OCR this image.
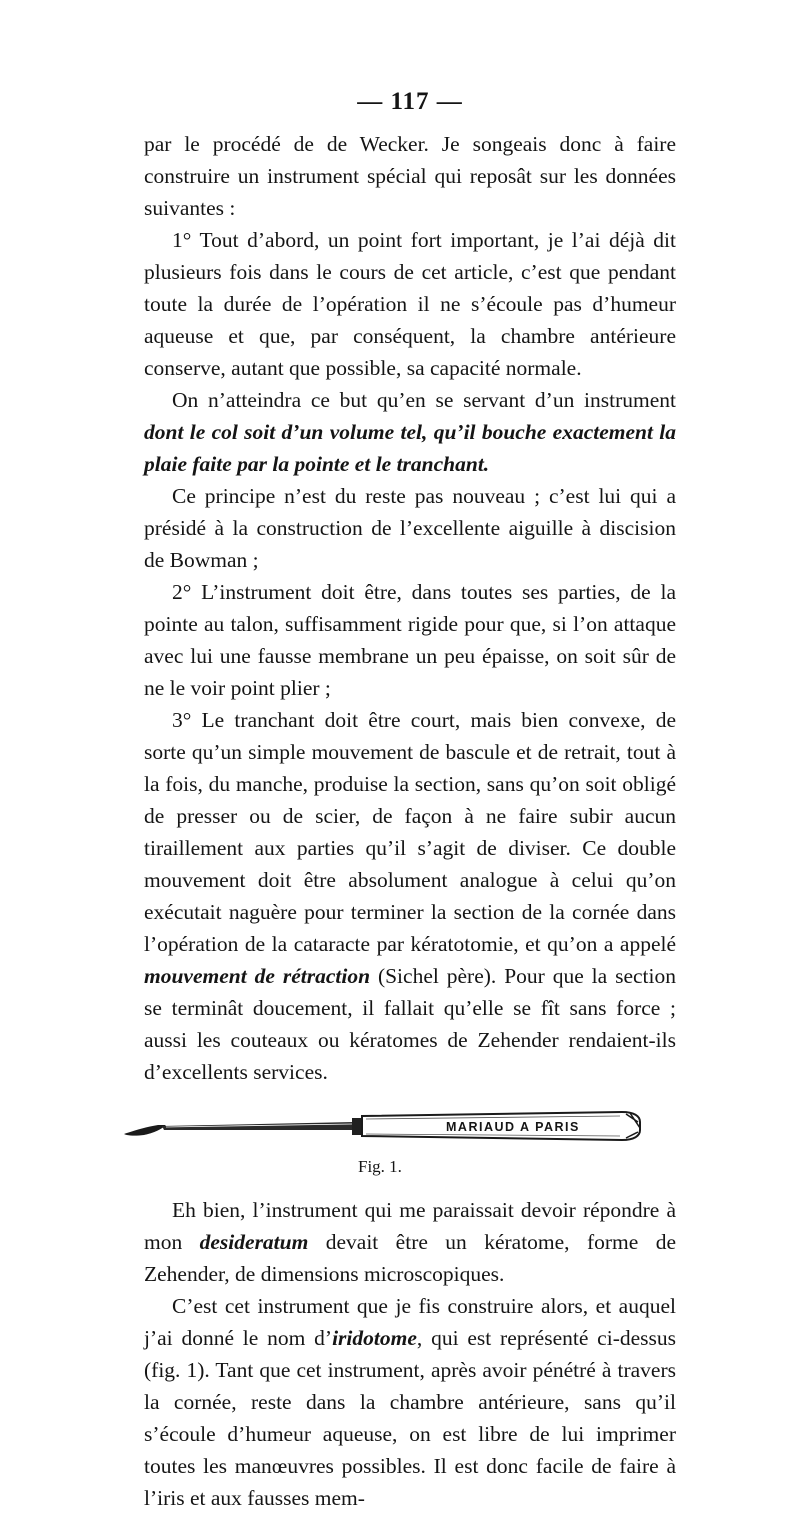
— 117 —

par le procédé de de Wecker. Je songeais donc à faire construire un instrument spécial qui reposât sur les données suivantes :

1° Tout d’abord, un point fort important, je l’ai déjà dit plusieurs fois dans le cours de cet article, c’est que pendant toute la durée de l’opération il ne s’écoule pas d’humeur aqueuse et que, par conséquent, la chambre antérieure conserve, autant que possible, sa capacité normale.

On n’atteindra ce but qu’en se servant d’un instrument dont le col soit d’un volume tel, qu’il bouche exactement la plaie faite par la pointe et le tranchant.

Ce principe n’est du reste pas nouveau ; c’est lui qui a présidé à la construction de l’excellente aiguille à discision de Bowman ;

2° L’instrument doit être, dans toutes ses parties, de la pointe au talon, suffisamment rigide pour que, si l’on attaque avec lui une fausse membrane un peu épaisse, on soit sûr de ne le voir point plier ;

3° Le tranchant doit être court, mais bien convexe, de sorte qu’un simple mouvement de bascule et de retrait, tout à la fois, du manche, produise la section, sans qu’on soit obligé de presser ou de scier, de façon à ne faire subir aucun tiraillement aux parties qu’il s’agit de diviser. Ce double mouvement doit être absolument analogue à celui qu’on exécutait naguère pour terminer la section de la cornée dans l’opération de la cataracte par kératotomie, et qu’on a appelé mouvement de rétraction (Sichel père). Pour que la section se terminât doucement, il fallait qu’elle se fît sans force ; aussi les couteaux ou kératomes de Zehender rendaient-ils d’excellents services.

MARIAUD A PARIS
Fig. 1.

Eh bien, l’instrument qui me paraissait devoir répondre à mon desideratum devait être un kératome, forme de Zehender, de dimensions microscopiques.

C’est cet instrument que je fis construire alors, et auquel j’ai donné le nom d’iridotome, qui est représenté ci-dessus (fig. 1). Tant que cet instrument, après avoir pénétré à travers la cornée, reste dans la chambre antérieure, sans qu’il s’écoule d’humeur aqueuse, on est libre de lui imprimer toutes les manœuvres possibles. Il est donc facile de faire à l’iris et aux fausses mem-
